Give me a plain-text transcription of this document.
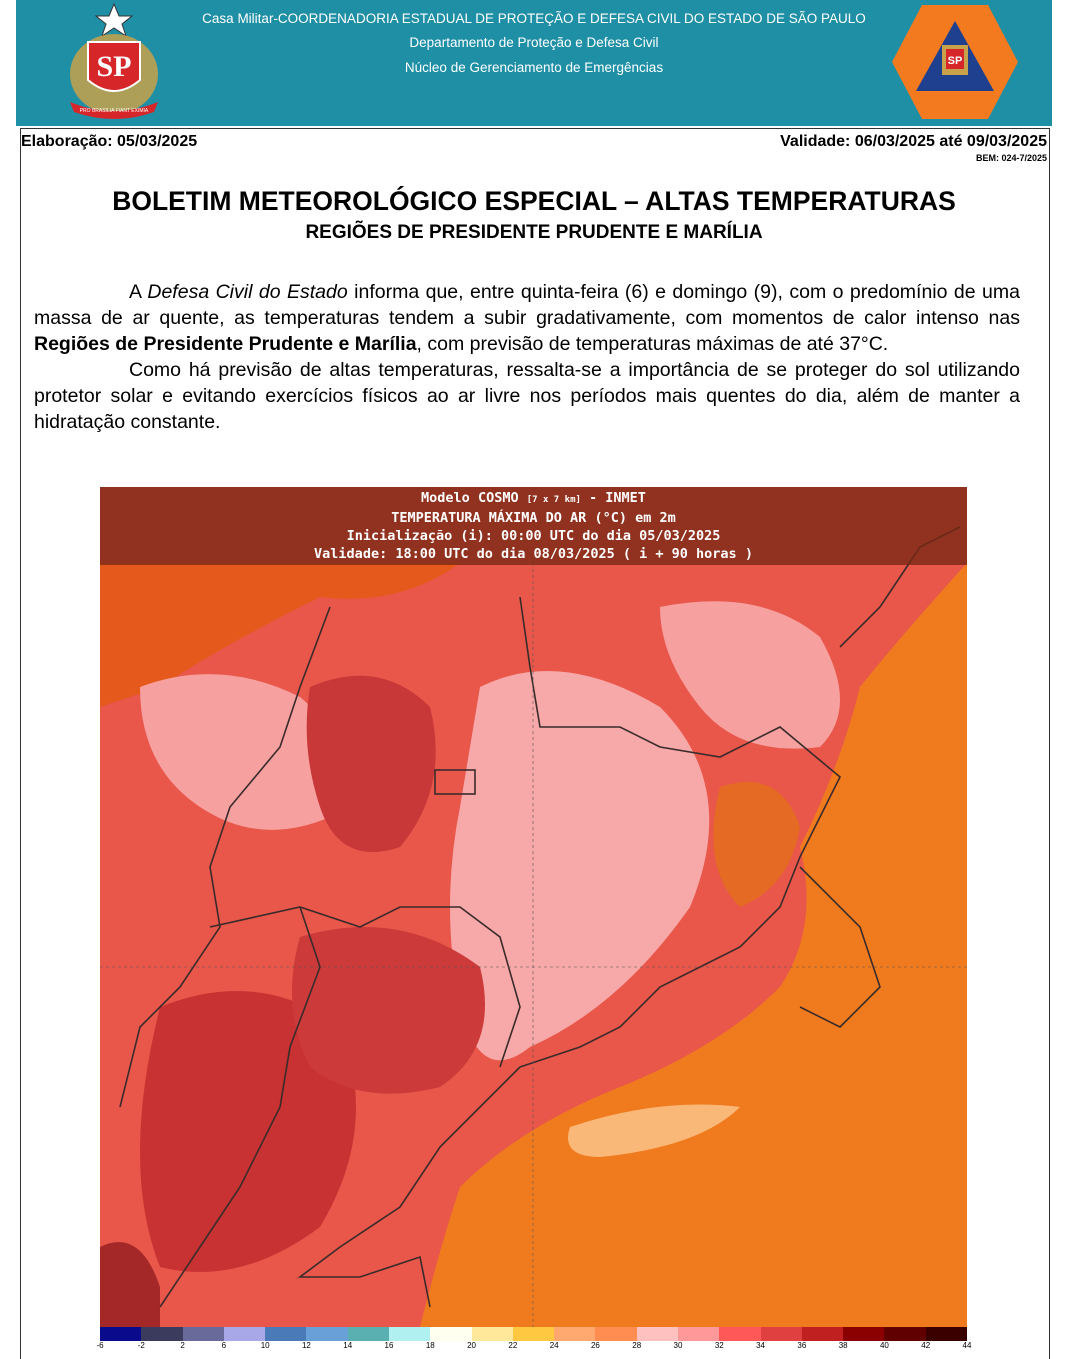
SP
PRO BRASILIA FIANT EXIMIA
Casa Militar-COORDENADORIA ESTADUAL DE PROTEÇÃO E DEFESA CIVIL DO ESTADO DE SÃO PAULO
Departamento de Proteção e Defesa Civil
Núcleo de Gerenciamento de Emergências	SP
Elaboração: 05/03/2025	Validade: 06/03/2025 até 09/03/2025
BEM: 024-7/2025
BOLETIM METEOROLÓGICO ESPECIAL – ALTAS TEMPERATURAS
REGIÕES DE PRESIDENTE PRUDENTE E MARÍLIA

A Defesa Civil do Estado informa que, entre quinta-feira (6) e domingo (9), com o predomínio de uma massa de ar quente, as temperaturas tendem a subir gradativamente, com momentos de calor intenso nas Regiões de Presidente Prudente e Marília, com previsão de temperaturas máximas de até 37°C.

Como há previsão de altas temperaturas, ressalta-se a importância de se proteger do sol utilizando protetor solar e evitando exercícios físicos ao ar livre nos períodos mais quentes do dia, além de manter a hidratação constante.

Modelo COSMO [7 x 7 km] - INMET
TEMPERATURA MÁXIMA DO AR (°C) em 2m
Inicialização (i): 00:00 UTC do dia 05/03/2025
Validade: 18:00 UTC do dia 08/03/2025 ( i + 90 horas )
-6	-2	2	6	10	12	14	16	18	20	22	24	26	28	30	32	34	36	38	40	42	44
